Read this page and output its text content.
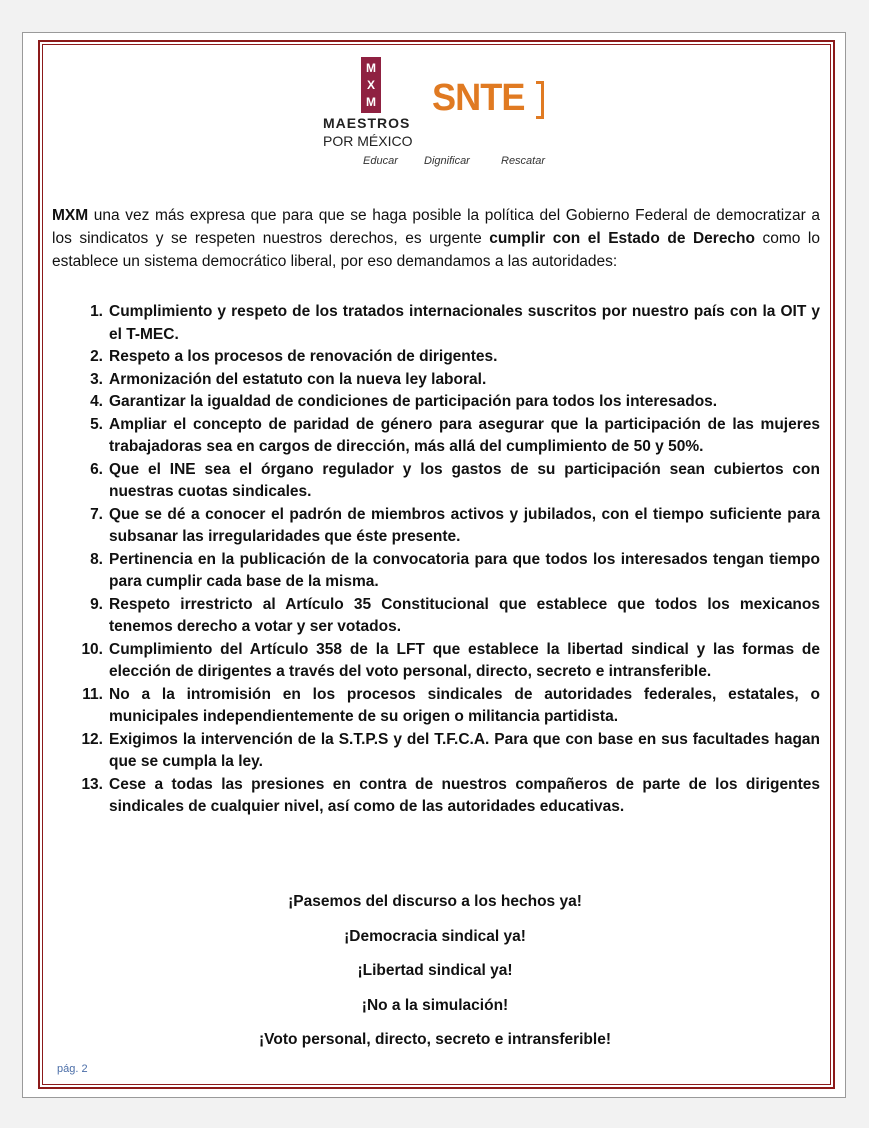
M
X
M SNTE
MAESTROS
POR MÉXICO
Educar Dignificar	Rescatar

MXM una vez más expresa que para que se haga posible la política del Gobierno Federal de democratizar a los sindicatos y se respeten nuestros derechos, es urgente cumplir con el Estado de Derecho como lo establece un sistema democrático liberal, por eso demandamos a las autoridades:

1. Cumplimiento y respeto de los tratados internacionales suscritos por nuestro país con la OIT y el T-MEC.
2. Respeto a los procesos de renovación de dirigentes.
3. Armonización del estatuto con la nueva ley laboral.
4. Garantizar la igualdad de condiciones de participación para todos los interesados.
5. Ampliar el concepto de paridad de género para asegurar que la participación de las mujeres trabajadoras sea en cargos de dirección, más allá del cumplimiento de 50 y 50%.
6. Que el INE sea el órgano regulador y los gastos de su participación sean cubiertos con nuestras cuotas sindicales.
7. Que se dé a conocer el padrón de miembros activos y jubilados, con el tiempo suficiente para subsanar las irregularidades que éste presente.
8. Pertinencia en la publicación de la convocatoria para que todos los interesados tengan tiempo para cumplir cada base de la misma.
9. Respeto irrestricto al Artículo 35 Constitucional que establece que todos los mexicanos tenemos derecho a votar y ser votados.
10. Cumplimiento del Artículo 358 de la LFT que establece la libertad sindical y las formas de elección de dirigentes a través del voto personal, directo, secreto e intransferible.
11. No a la intromisión en los procesos sindicales de autoridades federales, estatales, o municipales independientemente de su origen o militancia partidista.
12. Exigimos la intervención de la S.T.P.S y del T.F.C.A. Para que con base en sus facultades hagan que se cumpla la ley.
13. Cese a todas las presiones en contra de nuestros compañeros de parte de los dirigentes sindicales de cualquier nivel, así como de las autoridades educativas.
¡Pasemos del discurso a los hechos ya!
¡Democracia sindical ya!
¡Libertad sindical ya!
¡No a la simulación!
¡Voto personal, directo, secreto e intransferible!
pág. 2
